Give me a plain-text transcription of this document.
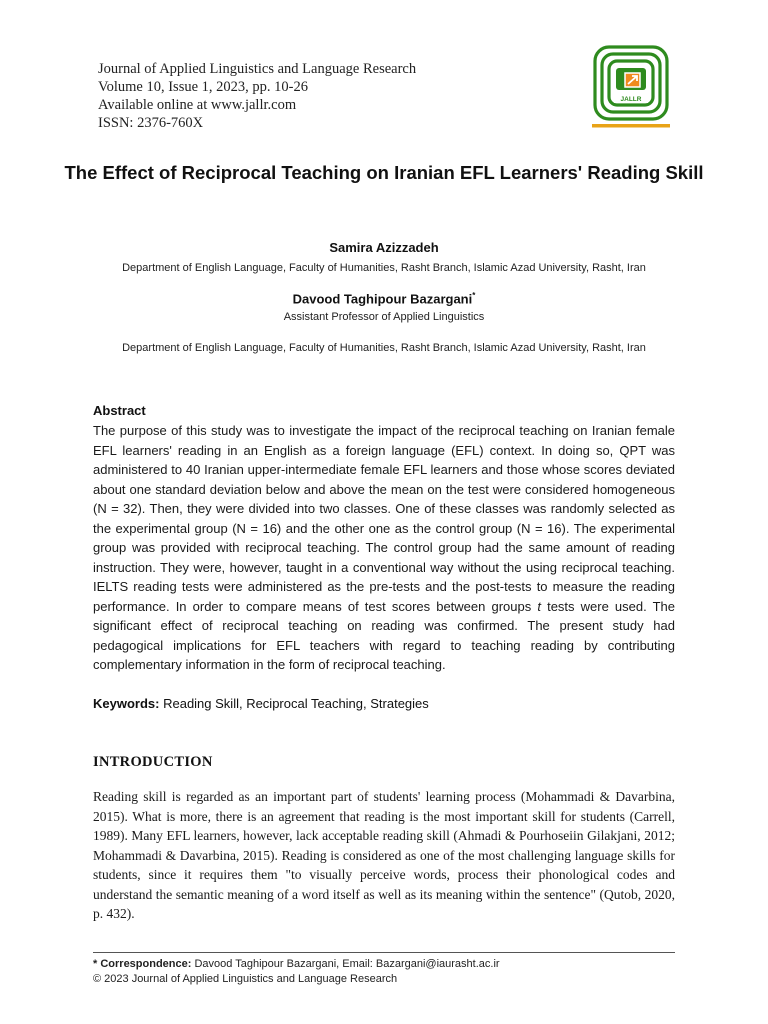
Journal of Applied Linguistics and Language Research
Volume 10, Issue 1, 2023, pp. 10-26
Available online at www.jallr.com
ISSN: 2376-760X
JALLR
The Effect of Reciprocal Teaching on Iranian EFL Learners' Reading Skill
Samira Azizzadeh
Department of English Language, Faculty of Humanities, Rasht Branch, Islamic Azad University, Rasht, Iran
Davood Taghipour Bazargani*
Assistant Professor of Applied Linguistics
Department of English Language, Faculty of Humanities, Rasht Branch, Islamic Azad University, Rasht, Iran
Abstract
The purpose of this study was to investigate the impact of the reciprocal teaching on Iranian female EFL learners' reading in an English as a foreign language (EFL) context. In doing so, QPT was administered to 40 Iranian upper-intermediate female EFL learners and those whose scores deviated about one standard deviation below and above the mean on the test were considered homogeneous (N = 32). Then, they were divided into two classes. One of these classes was randomly selected as the experimental group (N = 16) and the other one as the control group (N = 16). The experimental group was provided with reciprocal teaching. The control group had the same amount of reading instruction. They were, however, taught in a conventional way without the using reciprocal teaching. IELTS reading tests were administered as the pre-tests and the post-tests to measure the reading performance. In order to compare means of test scores between groups t tests were used. The significant effect of reciprocal teaching on reading was confirmed. The present study had pedagogical implications for EFL teachers with regard to teaching reading by contributing complementary information in the form of reciprocal teaching.
Keywords: Reading Skill, Reciprocal Teaching, Strategies
INTRODUCTION
Reading skill is regarded as an important part of students' learning process (Mohammadi & Davarbina, 2015). What is more, there is an agreement that reading is the most important skill for students (Carrell, 1989). Many EFL learners, however, lack acceptable reading skill (Ahmadi & Pourhoseiin Gilakjani, 2012; Mohammadi & Davarbina, 2015). Reading is considered as one of the most challenging language skills for students, since it requires them "to visually perceive words, process their phonological codes and understand the semantic meaning of a word itself as well as its meaning within the sentence" (Qutob, 2020, p. 432).
* Correspondence: Davood Taghipour Bazargani, Email: Bazargani@iaurasht.ac.ir
© 2023 Journal of Applied Linguistics and Language Research
